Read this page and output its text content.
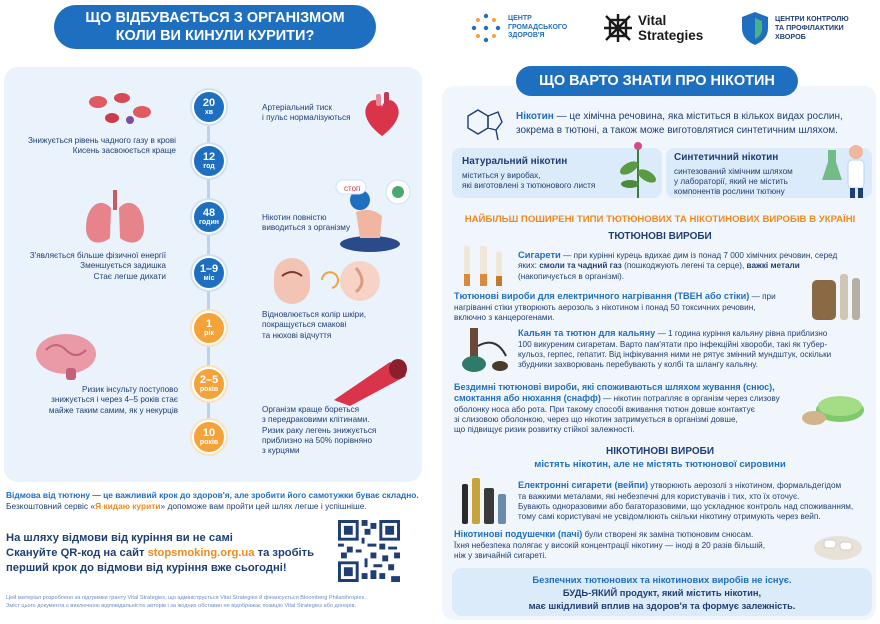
ЩО ВІДБУВАЄТЬСЯ З ОРГАНІЗМОМ
КОЛИ ВИ КИНУЛИ КУРИТИ?
20
хв
12
год
48
годин
1–9
міс
1
рік
2–5
років
10
років
Артеріальний тиск
і пульс нормалізуються
Знижується рівень чадного газу в крові
Кисень засвоюється краще
Нікотин повністю
виводиться з організму
З'являється більше фізичної енергії
Зменшується задишка
Стає легше дихати
Відновлюється колір шкіри,
покращується смакові
та нюхові відчуття
Ризик інсульту поступово
знижується і через 4–5 років стає
майже таким самим, як у некурців	Організм краще бореться
з передраковими клітинами.
Ризик раку легень знижується
приблизно на 50% порівняно
з курцями
стоп
Відмова від тютюну — це важливий крок до здоров'я, але зробити його самотужки буває складно.
Безкоштовний сервіс «Я кидаю курити» допоможе вам пройти цей шлях легше і успішніше.
На шляху відмови від куріння ви не самі
Скануйте QR-код на сайт stopsmoking.org.ua та зробіть
перший крок до відмови від куріння вже сьогодні!
Цей матеріал розроблено за підтримки гранту Vital Strategies, що адмініструється Vital Strategies й фінансується Bloomberg Philanthropies.
Зміст цього документа є виключною відповідальністю авторів і за жодних обставин не відображає позицію Vital Strategies або донорів.
ЦЕНТР
ГРОМАДСЬКОГО
ЗДОРОВ'Я
Vital
Strategies
ЦЕНТРИ КОНТРОЛЮ
ТА ПРОФІЛАКТИКИ
ХВОРОБ
ЩО ВАРТО ЗНАТИ ПРО НІКОТИН
Нікотин — це хімічна речовина, яка міститься в кількох видах рослин,
зокрема в тютюні, а також може виготовлятися синтетичним шляхом.
Натуральний нікотин
міститься у виробах,
які виготовлені з тютюнового листя
Синтетичний нікотин
синтезований хімічним шляхом
у лабораторії, який не містить
компонентів рослини тютюну
НАЙБІЛЬШ ПОШИРЕНІ ТИПИ ТЮТЮНОВИХ ТА НІКОТИНОВИХ ВИРОБІВ В УКРАЇНІ
ТЮТЮНОВІ ВИРОБИ
Сигарети — при курінні курець вдихає дим із понад 7 000 хімічних речовин, серед
яких: смоли та чадний газ (пошкоджують легені та серце), важкі метали
(накопичується в організмі).
Тютюнові вироби для електричного нагрівання (ТВЕН або стіки) — при
нагріванні стіки утворюють аерозоль з нікотином і понад 50 токсичних речовин,
включно з канцерогенами.
Кальян та тютюн для кальяну — 1 година куріння кальяну рівна приблизно
100 викуреним сигаретам. Варто пам'ятати про інфекційні хвороби, такі як тубер-
кульоз, герпес, гепатит. Від інфікування ними не рятує змінний мундштук, оскільки
збудники захворювань перебувають у колбі та шлангу кальяну.
Бездимні тютюнові вироби, які споживаються шляхом жування (снюс),
смоктання або нюхання (снафф) — нікотин потрапляє в організм через слизову
оболонку носа або рота. При такому способі вживання тютюн довше контактує
зі слизовою оболонкою, через що нікотин затримується в організмі довше,
що підвищує ризик розвитку стійкої залежності.
НІКОТИНОВІ ВИРОБИ
містять нікотин, але не містять тютюнової сировини
Електронні сигарети (вейпи) утворюють аерозолі з нікотином, формальдегідом
та важкими металами, які небезпечні для користувачів і тих, хто їх оточує.
Бувають одноразовими або багаторазовими, що ускладнює контроль над споживанням,
тому самі користувачі не усвідомлюють скільки нікотину отримують через вейп.
Нікотинові подушечки (пачі) були створені як заміна тютюновим снюсам.
Їхня небезпека полягає у високій концентрації нікотину — іноді в 20 разів більшій,
ніж у звичайній сигареті.
Безпечних тютюнових та нікотинових виробів не існує.
БУДЬ-ЯКИЙ продукт, який містить нікотин,
має шкідливий вплив на здоров'я та формує залежність.
